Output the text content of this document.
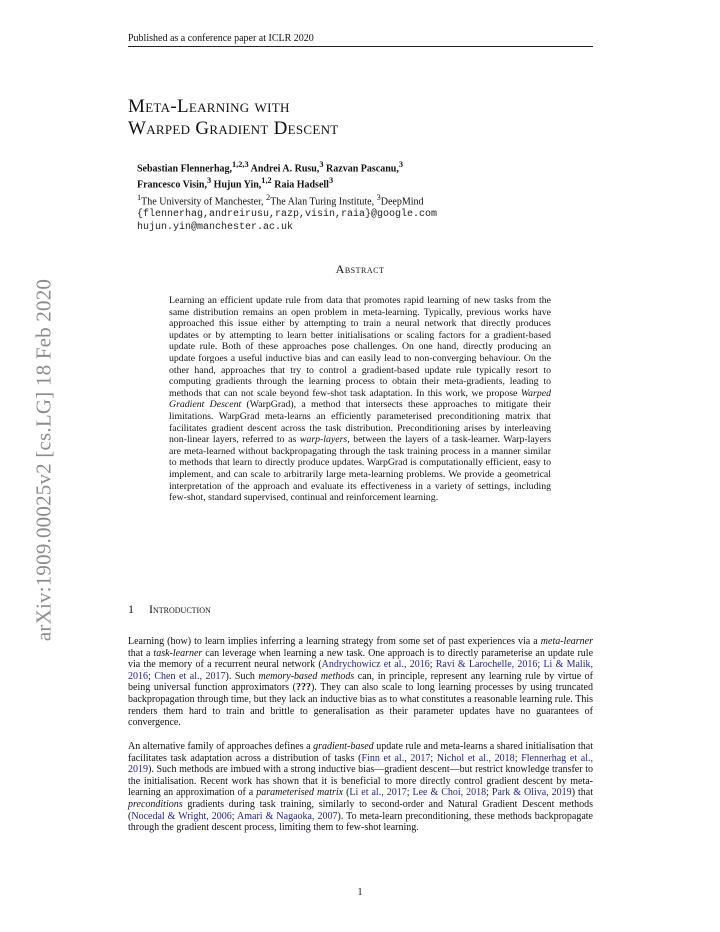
Published as a conference paper at ICLR 2020
arXiv:1909.00025v2 [cs.LG] 18 Feb 2020
Meta-Learning with
Warped Gradient Descent
Sebastian Flennerhag,$^{1,2,3}$ Andrei A. Rusu,$^3$ Razvan Pascanu,$^3$
Francesco Visin,$^3$ Hujun Yin,$^{1,2}$ Raia Hadsell$^3$
$^1$The University of Manchester, $^2$The Alan Turing Institute, $^3$DeepMind
{flennerhag,andreirusu,razp,visin,raia}@google.com
hujun.yin@manchester.ac.uk
Abstract
Learning an efficient update rule from data that promotes rapid learning of new tasks from the same distribution remains an open problem in meta-learning. Typically, previous works have approached this issue either by attempting to train a neural network that directly produces updates or by attempting to learn better initialisations or scaling factors for a gradient-based update rule. Both of these approaches pose challenges. On one hand, directly producing an update forgoes a useful inductive bias and can easily lead to non-converging behaviour. On the other hand, approaches that try to control a gradient-based update rule typically resort to computing gradients through the learning process to obtain their meta-gradients, leading to methods that can not scale beyond few-shot task adaptation. In this work, we propose Warped Gradient Descent (WarpGrad), a method that intersects these approaches to mitigate their limitations. WarpGrad meta-learns an efficiently parameterised preconditioning matrix that facilitates gradient descent across the task distribution. Preconditioning arises by interleaving non-linear layers, referred to as warp-layers, between the layers of a task-learner. Warp-layers are meta-learned without backpropagating through the task training process in a manner similar to methods that learn to directly produce updates. WarpGrad is computationally efficient, easy to implement, and can scale to arbitrarily large meta-learning problems. We provide a geometrical interpretation of the approach and evaluate its effectiveness in a variety of settings, including few-shot, standard supervised, continual and reinforcement learning.
1 Introduction
Learning (how) to learn implies inferring a learning strategy from some set of past experiences via a meta-learner that a task-learner can leverage when learning a new task. One approach is to directly parameterise an update rule via the memory of a recurrent neural network (Andrychowicz et al., 2016; Ravi & Larochelle, 2016; Li & Malik, 2016; Chen et al., 2017). Such memory-based methods can, in principle, represent any learning rule by virtue of being universal function approximators (???). They can also scale to long learning processes by using truncated backpropagation through time, but they lack an inductive bias as to what constitutes a reasonable learning rule. This renders them hard to train and brittle to generalisation as their parameter updates have no guarantees of convergence.
An alternative family of approaches defines a gradient-based update rule and meta-learns a shared initialisation that facilitates task adaptation across a distribution of tasks (Finn et al., 2017; Nichol et al., 2018; Flennerhag et al., 2019). Such methods are imbued with a strong inductive bias—gradient descent—but restrict knowledge transfer to the initialisation. Recent work has shown that it is beneficial to more directly control gradient descent by meta-learning an approximation of a parameterised matrix (Li et al., 2017; Lee & Choi, 2018; Park & Oliva, 2019) that preconditions gradients during task training, similarly to second-order and Natural Gradient Descent methods (Nocedal & Wright, 2006; Amari & Nagaoka, 2007). To meta-learn preconditioning, these methods backpropagate through the gradient descent process, limiting them to few-shot learning.
1
